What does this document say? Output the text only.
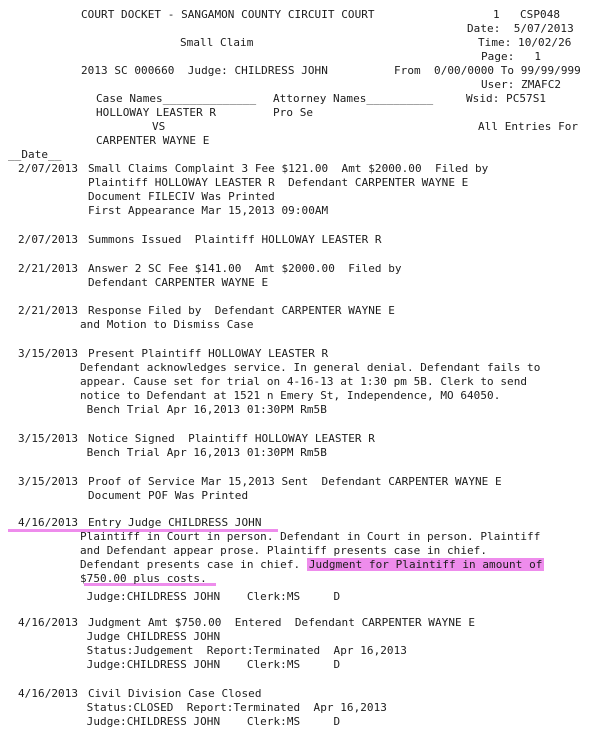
COURT DOCKET - SANGAMON COUNTY CIRCUIT COURT	1 CSP048
Date:  5/07/2013
Small Claim	Time: 10/02/26
Page:   1
2013 SC 000660  Judge: CHILDRESS JOHN	From  0/00/0000 To 99/99/999
User: ZMAFC2
Case Names______________ Attorney Names__________	Wsid: PC57S1
HOLLOWAY LEASTER R	Pro Se
VS	All Entries For
CARPENTER WAYNE E
__Date__
2/07/2013 Small Claims Complaint 3 Fee $121.00  Amt $2000.00  Filed by
Plaintiff HOLLOWAY LEASTER R  Defendant CARPENTER WAYNE E
Document FILECIV Was Printed
First Appearance Mar 15,2013 09:00AM
2/07/2013 Summons Issued  Plaintiff HOLLOWAY LEASTER R
2/21/2013 Answer 2 SC Fee $141.00  Amt $2000.00  Filed by
Defendant CARPENTER WAYNE E
2/21/2013 Response Filed by  Defendant CARPENTER WAYNE E
and Motion to Dismiss Case
3/15/2013 Present Plaintiff HOLLOWAY LEASTER R
Defendant acknowledges service. In general denial. Defendant fails to
appear. Cause set for trial on 4-16-13 at 1:30 pm 5B. Clerk to send
notice to Defendant at 1521 n Emery St, Independence, MO 64050.
Bench Trial Apr 16,2013 01:30PM Rm5B
3/15/2013 Notice Signed  Plaintiff HOLLOWAY LEASTER R
Bench Trial Apr 16,2013 01:30PM Rm5B
3/15/2013 Proof of Service Mar 15,2013 Sent  Defendant CARPENTER WAYNE E
Document POF Was Printed
4/16/2013 Entry Judge CHILDRESS JOHN
Plaintiff in Court in person. Defendant in Court in person. Plaintiff
and Defendant appear prose. Plaintiff presents case in chief.
Defendant presents case in chief. Judgment for Plaintiff in amount of
$750.00 plus costs.
Judge:CHILDRESS JOHN    Clerk:MS     D
4/16/2013 Judgment Amt $750.00  Entered  Defendant CARPENTER WAYNE E
Judge CHILDRESS JOHN
Status:Judgement  Report:Terminated  Apr 16,2013
Judge:CHILDRESS JOHN    Clerk:MS     D
4/16/2013 Civil Division Case Closed
Status:CLOSED  Report:Terminated  Apr 16,2013
Judge:CHILDRESS JOHN    Clerk:MS     D
